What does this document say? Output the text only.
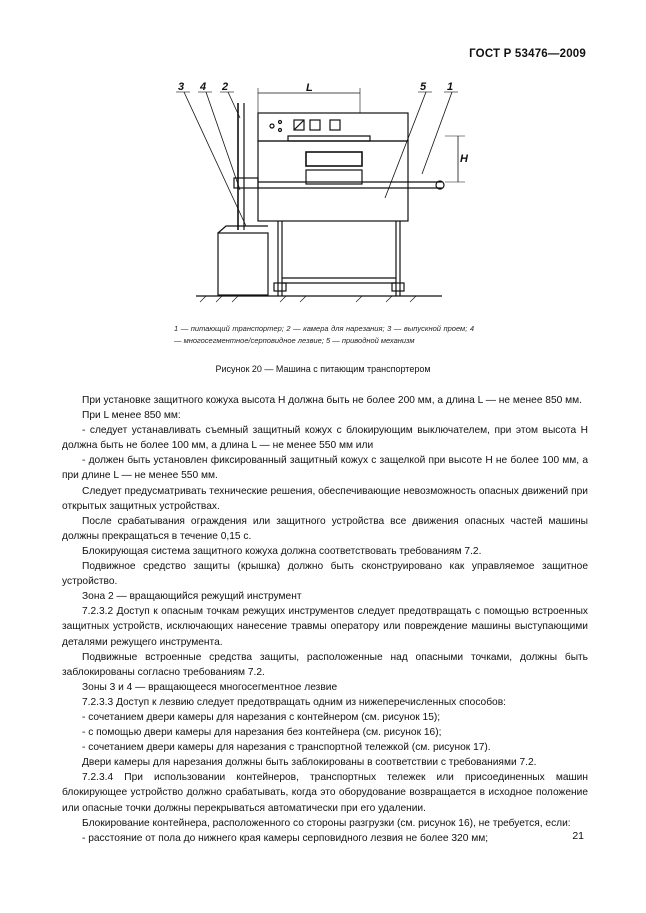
ГОСТ Р 53476—2009
3 4 2	5 1
L
H
1 — питающий транспортер; 2 — камера для нарезания; 3 — выпускной проем; 4 — многосегментное/серповидное лезвие; 5 — приводной механизм
Рисунок 20 — Машина с питающим транспортером

При установке защитного кожуха высота H должна быть не более 200 мм, а длина L — не менее 850 мм.

При L менее 850 мм:

- следует устанавливать съемный защитный кожух с блокирующим выключателем, при этом высота H должна быть не более 100 мм, а длина L — не менее 550 мм или

- должен быть установлен фиксированный защитный кожух с защелкой при высоте H не более 100 мм, а при длине L — не менее 550 мм.

Следует предусматривать технические решения, обеспечивающие невозможность опасных движений при открытых защитных устройствах.

После срабатывания ограждения или защитного устройства все движения опасных частей машины должны прекращаться в течение 0,15 с.

Блокирующая система защитного кожуха должна соответствовать требованиям 7.2.

Подвижное средство защиты (крышка) должно быть сконструировано как управляемое защитное устройство.

Зона 2 — вращающийся режущий инструмент

7.2.3.2 Доступ к опасным точкам режущих инструментов следует предотвращать с помощью встроенных защитных устройств, исключающих нанесение травмы оператору или повреждение машины выступающими деталями режущего инструмента.

Подвижные встроенные средства защиты, расположенные над опасными точками, должны быть заблокированы согласно требованиям 7.2.

Зоны 3 и 4 — вращающееся многосегментное лезвие

7.2.3.3 Доступ к лезвию следует предотвращать одним из нижеперечисленных способов:

- сочетанием двери камеры для нарезания с контейнером (см. рисунок 15);

- с помощью двери камеры для нарезания без контейнера (см. рисунок 16);

- сочетанием двери камеры для нарезания с транспортной тележкой (см. рисунок 17).

Двери камеры для нарезания должны быть заблокированы в соответствии с требованиями 7.2.

7.2.3.4 При использовании контейнеров, транспортных тележек или присоединенных машин блокирующее устройство должно срабатывать, когда это оборудование возвращается в исходное положение или опасные точки должны перекрываться автоматически при его удалении.

Блокирование контейнера, расположенного со стороны разгрузки (см. рисунок 16), не требуется, если:

- расстояние от пола до нижнего края камеры серповидного лезвия не более 320 мм;	21
